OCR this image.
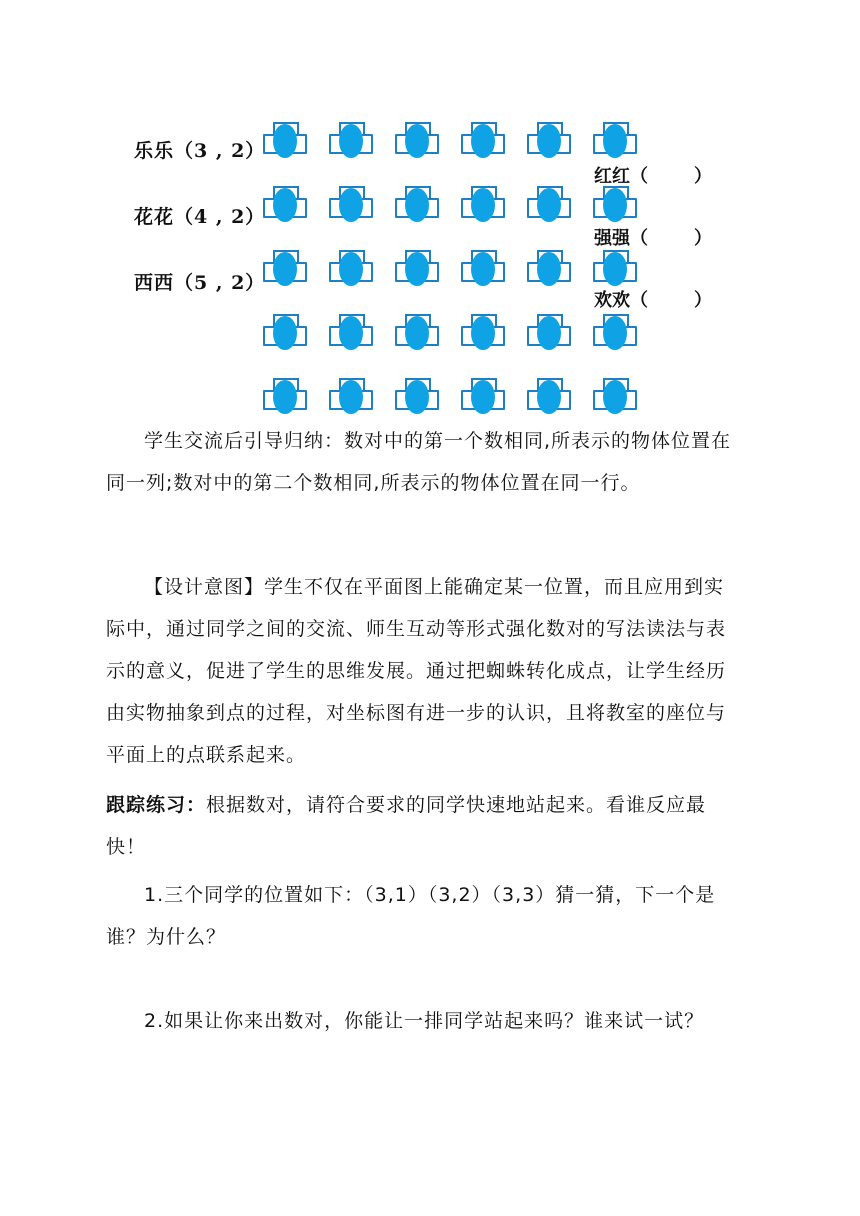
乐乐（3 , 2）
花花（4 , 2）
西西（5 , 2）
红红（	）
强强（	）
欢欢（	）

学生交流后引导归纳：数对中的第一个数相同,所表示的物体位置在同一列;数对中的第二个数相同,所表示的物体位置在同一行。

【设计意图】学生不仅在平面图上能确定某一位置，而且应用到实际中，通过同学之间的交流、师生互动等形式强化数对的写法读法与表示的意义，促进了学生的思维发展。通过把蜘蛛转化成点，让学生经历由实物抽象到点的过程，对坐标图有进一步的认识，且将教室的座位与平面上的点联系起来。

跟踪练习：根据数对，请符合要求的同学快速地站起来。看谁反应最快！

1.三个同学的位置如下：（3,1）（3,2）（3,3）猜一猜，下一个是谁？为什么？

2.如果让你来出数对，你能让一排同学站起来吗？谁来试一试？
